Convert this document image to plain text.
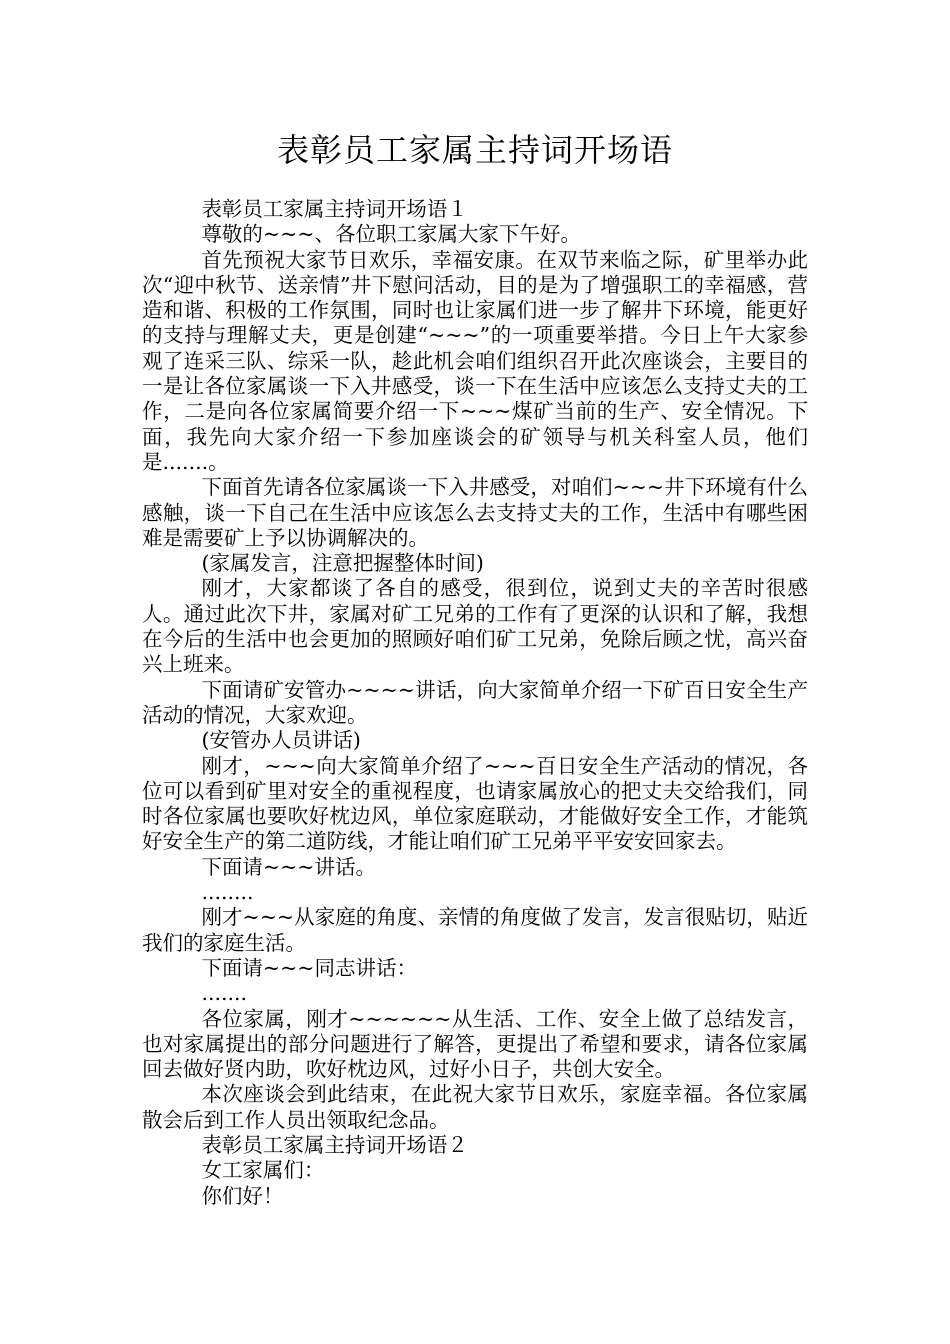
表彰员工家属主持词开场语

表彰员工家属主持词开场语１

尊敬的~~~、各位职工家属大家下午好。

首先预祝大家节日欢乐，幸福安康。在双节来临之际，矿里举办此次“迎中秋节、送亲情”井下慰问活动，目的是为了增强职工的幸福感，营造和谐、积极的工作氛围，同时也让家属们进一步了解井下环境，能更好的支持与理解丈夫，更是创建“~~~”的一项重要举措。今日上午大家参观了连采三队、综采一队，趁此机会咱们组织召开此次座谈会，主要目的一是让各位家属谈一下入井感受，谈一下在生活中应该怎么支持丈夫的工作，二是向各位家属简要介绍一下~~~煤矿当前的生产、安全情况。下面，我先向大家介绍一下参加座谈会的矿领导与机关科室人员，他们是.......。

下面首先请各位家属谈一下入井感受，对咱们~~~井下环境有什么感触，谈一下自己在生活中应该怎么去支持丈夫的工作，生活中有哪些困难是需要矿上予以协调解决的。

(家属发言，注意把握整体时间)

刚才，大家都谈了各自的感受，很到位，说到丈夫的辛苦时很感人。通过此次下井，家属对矿工兄弟的工作有了更深的认识和了解，我想在今后的生活中也会更加的照顾好咱们矿工兄弟，免除后顾之忧，高兴奋兴上班来。

下面请矿安管办~~~~讲话，向大家简单介绍一下矿百日安全生产活动的情况，大家欢迎。

(安管办人员讲话)

刚才，~~~向大家简单介绍了~~~百日安全生产活动的情况，各位可以看到矿里对安全的重视程度，也请家属放心的把丈夫交给我们，同时各位家属也要吹好枕边风，单位家庭联动，才能做好安全工作，才能筑好安全生产的第二道防线，才能让咱们矿工兄弟平平安安回家去。

下面请~~~讲话。

........

刚才~~~从家庭的角度、亲情的角度做了发言，发言很贴切，贴近我们的家庭生活。

下面请~~~同志讲话：

.......

各位家属，刚才~~~~~~从生活、工作、安全上做了总结发言，也对家属提出的部分问题进行了解答，更提出了希望和要求，请各位家属回去做好贤内助，吹好枕边风，过好小日子，共创大安全。

本次座谈会到此结束，在此祝大家节日欢乐，家庭幸福。各位家属散会后到工作人员出领取纪念品。

表彰员工家属主持词开场语２

女工家属们：

你们好！
